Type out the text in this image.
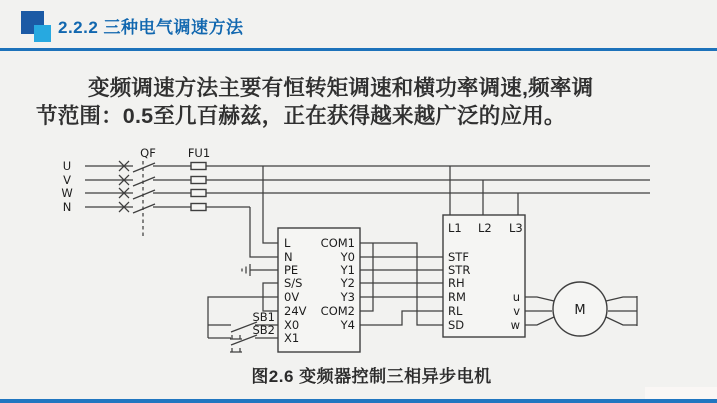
2.2.2 三种电气调速方法

变频调速方法主要有恒转矩调速和横功率调速,频率调
节范围：0.5至几百赫兹，正在获得越来越广泛的应用。

QF	FU1
U
V
W
N
L
N
PE
S/S
0V
24V
X0
X1
COM1
Y0
Y1
Y2
Y3
COM2
Y4
SB1
SB2
L1 L2 L3
STF
STR
RH
RM
RL
SD
u
v
w
M
图2.6 变频器控制三相异步电机
